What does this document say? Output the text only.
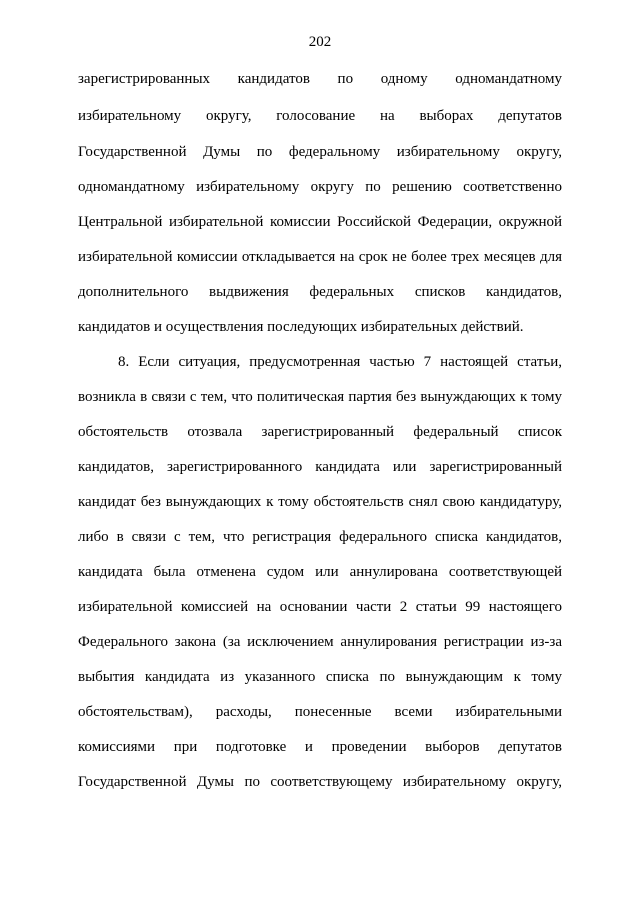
202
зарегистрированных кандидатов по одному одномандатному
избирательному округу, голосование на выборах депутатов
Государственной Думы по федеральному избирательному округу,
одномандатному избирательному округу по решению соответственно
Центральной избирательной комиссии Российской Федерации, окружной
избирательной комиссии откладывается на срок не более трех месяцев для
дополнительного выдвижения федеральных списков кандидатов,
кандидатов и осуществления последующих избирательных действий.
8. Если ситуация, предусмотренная частью 7 настоящей статьи,
возникла в связи с тем, что политическая партия без вынуждающих к тому
обстоятельств отозвала зарегистрированный федеральный список
кандидатов, зарегистрированного кандидата или зарегистрированный
кандидат без вынуждающих к тому обстоятельств снял свою кандидатуру,
либо в связи с тем, что регистрация федерального списка кандидатов,
кандидата была отменена судом или аннулирована соответствующей
избирательной комиссией на основании части 2 статьи 99 настоящего
Федерального закона (за исключением аннулирования регистрации из-за
выбытия кандидата из указанного списка по вынуждающим к тому
обстоятельствам), расходы, понесенные всеми избирательными
комиссиями при подготовке и проведении выборов депутатов
Государственной Думы по соответствующему избирательному округу,
